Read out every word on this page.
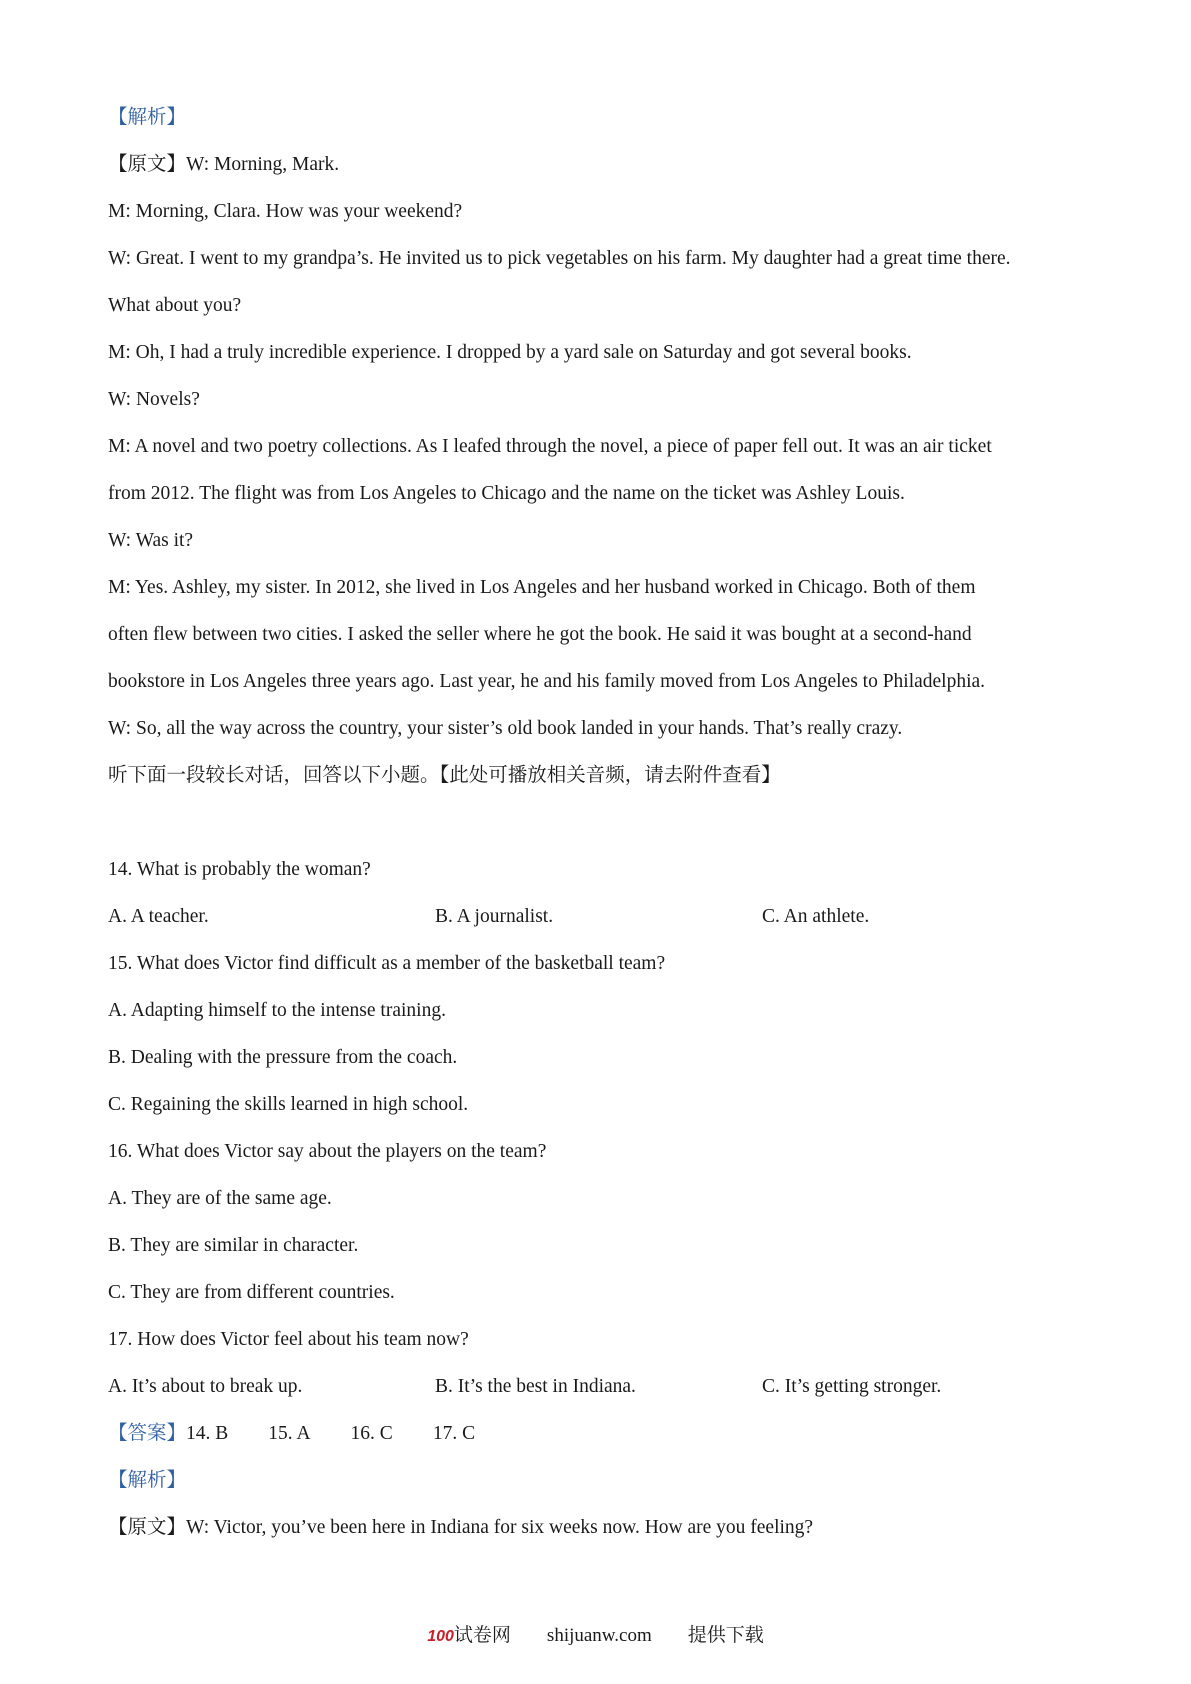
【解析】
【原文】W: Morning, Mark.
M: Morning, Clara. How was your weekend?
W: Great. I went to my grandpa’s. He invited us to pick vegetables on his farm. My daughter had a great time there.
What about you?
M: Oh, I had a truly incredible experience. I dropped by a yard sale on Saturday and got several books.
W: Novels?
M: A novel and two poetry collections. As I leafed through the novel, a piece of paper fell out. It was an air ticket
from 2012. The flight was from Los Angeles to Chicago and the name on the ticket was Ashley Louis.
W: Was it?
M: Yes. Ashley, my sister. In 2012, she lived in Los Angeles and her husband worked in Chicago. Both of them
often flew between two cities. I asked the seller where he got the book. He said it was bought at a second-hand
bookstore in Los Angeles three years ago. Last year, he and his family moved from Los Angeles to Philadelphia.
W: So, all the way across the country, your sister’s old book landed in your hands. That’s really crazy.
听下面一段较长对话，回答以下小题。【此处可播放相关音频，请去附件查看】
14. What is probably the woman?
A. A teacher.	B. A journalist.	C. An athlete.
15. What does Victor find difficult as a member of the basketball team?
A. Adapting himself to the intense training.
B. Dealing with the pressure from the coach.
C. Regaining the skills learned in high school.
16. What does Victor say about the players on the team?
A. They are of the same age.
B. They are similar in character.
C. They are from different countries.
17. How does Victor feel about his team now?
A. It’s about to break up.	B. It’s the best in Indiana.	C. It’s getting stronger.
【答案】14. B 15. A 16. C 17. C
【解析】
【原文】W: Victor, you’ve been here in Indiana for six weeks now. How are you feeling?
100试卷网 shijuanw.com 提供下载
